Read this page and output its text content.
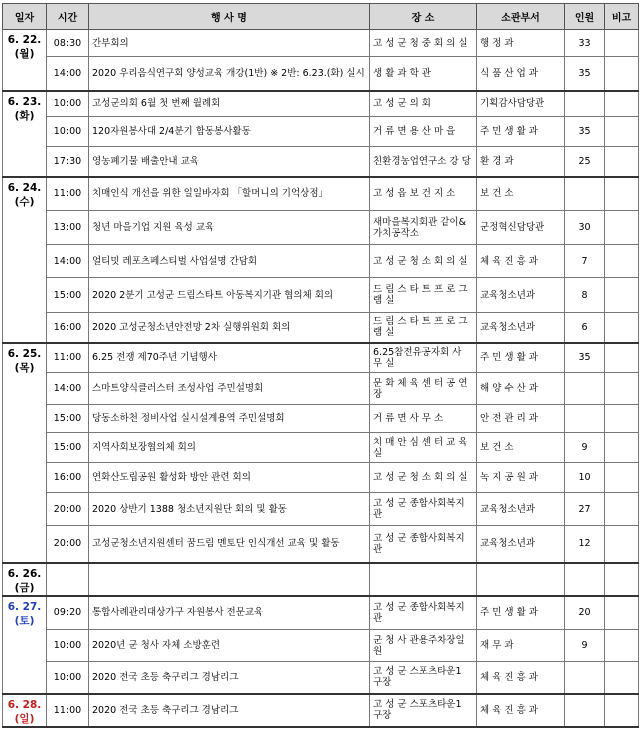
일자	시간	행 사 명	장 소	소관부서	인원	비고

6. 22.
(월)	08:30	간부회의	고 성 군 청 중 회 의 실	행 정 과	33	
	14:00	2020 우리음식연구회 양성교육 개강(1반) ※ 2반: 6.23.(화) 실시	생 활 과 학 관	식 품 산 업 과	35	

6. 23.
(화)	10:00	고성군의회 6월 첫 번째 월례회	고 성 군 의 회	기획감사담당관		
	10:00	120자원봉사대 2/4분기 합동봉사활동	거 류 면 용 산 마 을	주 민 생 활 과	35	
	17:30	영농폐기물 배출안내 교육	친환경농업연구소 강 당	환 경 과	25	

6. 24.
(수)	11:00	치매인식 개선을 위한 일일바자회 「할머니의 기억상점」	고 성 읍 보 건 지 소	보 건 소		
	13:00	청년 마을기업 지원 육성 교육	새마을복지회관 같이&가치공작소	군정혁신담당관	30	
	14:00	얼티밋 레포츠페스티벌 사업설명 간담회	고 성 군 청 소 회 의 실	체 육 진 흥 과	7	
	15:00	2020 2분기 고성군 드림스타트 아동복지기관 협의체 회의	드 림 스 타 트 프 로 그 램 실	교육청소년과	8	
	16:00	2020 고성군청소년안전망 2차 실행위원회 회의	드 림 스 타 트 프 로 그 램 실	교육청소년과	6	

6. 25.
(목)	11:00	6.25 전쟁 제70주년 기념행사	6.25참전유공자회 사 무 실	주 민 생 활 과	35	
	14:00	스마트양식클러스터 조성사업 주민설명회	문 화 체 육 센 터 공 연 장	해 양 수 산 과		
	15:00	당동소하천 정비사업 실시설계용역 주민설명회	거 류 면 사 무 소	안 전 관 리 과		
	15:00	지역사회보장협의체 회의	치 매 안 심 센 터 교 육 실	보 건 소	9	
	16:00	연화산도립공원 활성화 방안 관련 회의	고 성 군 청 소 회 의 실	녹 지 공 원 과	10	
	20:00	2020 상반기 1388 청소년지원단 회의 및 활동	고 성 군 종합사회복지관	교육청소년과	27	
	20:00	고성군청소년지원센터 꿈드림 멘토단 인식개선 교육 및 활동	고 성 군 종합사회복지관	교육청소년과	12	

6. 26.
(금)						

6. 27.
(토)	09:20	통합사례관리대상가구 자원봉사 전문교육	고 성 군 종합사회복지관	주 민 생 활 과	20	
	10:00	2020년 군 청사 자체 소방훈련	군 청 사 관용주차장일원	재 무 과	9	
	10:00	2020 전국 초등 축구리그 경남리그	고 성 군 스포츠타운1 구장	체 육 진 흥 과		

6. 28.
(일)	11:00	2020 전국 초등 축구리그 경남리그	고 성 군 스포츠타운1 구장	체 육 진 흥 과		
